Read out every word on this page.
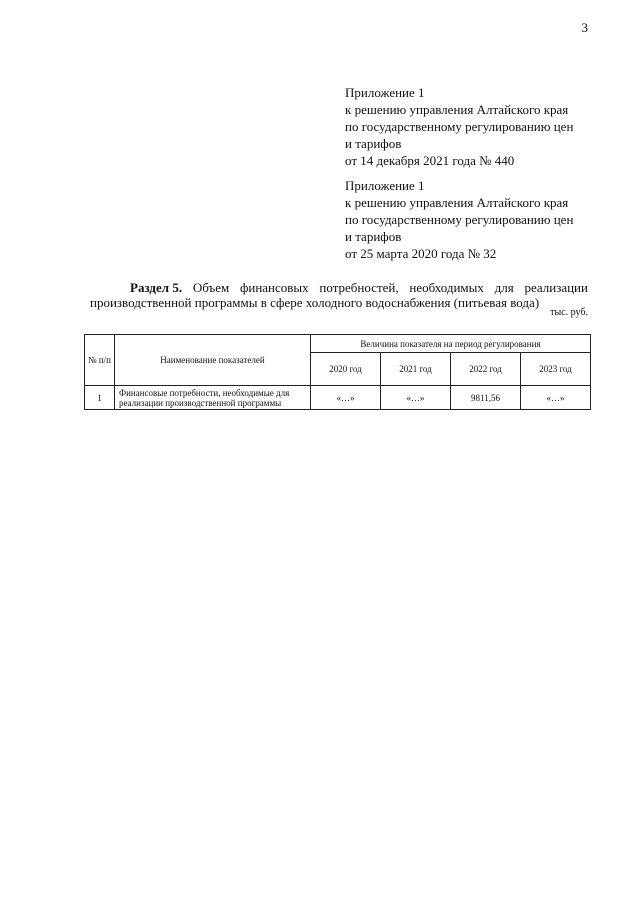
3
Приложение 1
к решению управления Алтайского края
по государственному регулированию цен
и тарифов
от 14 декабря 2021 года № 440
Приложение 1
к решению управления Алтайского края
по государственному регулированию цен
и тарифов
от 25 марта 2020 года № 32
Раздел 5. Объем финансовых потребностей, необходимых для реализации
производственной программы в сфере холодного водоснабжения (питьевая вода)
тыс. руб.
№ п/п	Наименование показателей	Величина показателя на период регулирования			
		2020 год	2021 год	2022 год	2023 год
1	Финансовые потребности, необходимые для реализации производственной программы	«…»	«…»	9811,56	«…»
